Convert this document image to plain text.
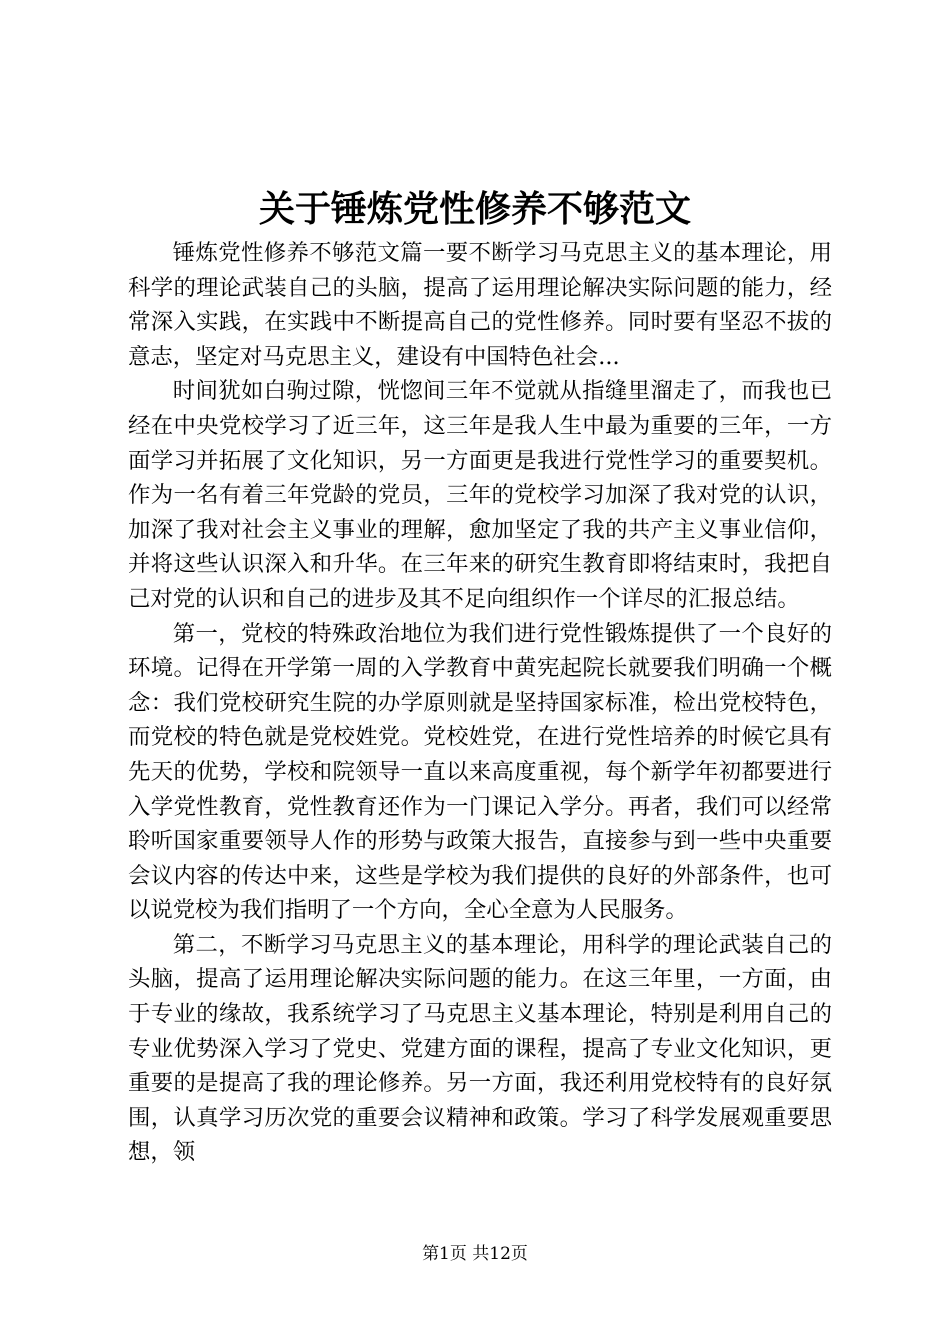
关于锤炼党性修养不够范文

锤炼党性修养不够范文篇一要不断学习马克思主义的基本理论，用科学的理论武装自己的头脑，提高了运用理论解决实际问题的能力，经常深入实践，在实践中不断提高自己的党性修养。同时要有坚忍不拔的意志，坚定对马克思主义，建设有中国特色社会...

时间犹如白驹过隙，恍惚间三年不觉就从指缝里溜走了，而我也已经在中央党校学习了近三年，这三年是我人生中最为重要的三年，一方面学习并拓展了文化知识，另一方面更是我进行党性学习的重要契机。作为一名有着三年党龄的党员，三年的党校学习加深了我对党的认识，加深了我对社会主义事业的理解，愈加坚定了我的共产主义事业信仰，并将这些认识深入和升华。在三年来的研究生教育即将结束时，我把自己对党的认识和自己的进步及其不足向组织作一个详尽的汇报总结。

第一，党校的特殊政治地位为我们进行党性锻炼提供了一个良好的环境。记得在开学第一周的入学教育中黄宪起院长就要我们明确一个概念：我们党校研究生院的办学原则就是坚持国家标准，检出党校特色，而党校的特色就是党校姓党。党校姓党，在进行党性培养的时候它具有先天的优势，学校和院领导一直以来高度重视，每个新学年初都要进行入学党性教育，党性教育还作为一门课记入学分。再者，我们可以经常聆听国家重要领导人作的形势与政策大报告，直接参与到一些中央重要会议内容的传达中来，这些是学校为我们提供的良好的外部条件，也可以说党校为我们指明了一个方向，全心全意为人民服务。

第二，不断学习马克思主义的基本理论，用科学的理论武装自己的头脑，提高了运用理论解决实际问题的能力。在这三年里，一方面，由于专业的缘故，我系统学习了马克思主义基本理论，特别是利用自己的专业优势深入学习了党史、党建方面的课程，提高了专业文化知识，更重要的是提高了我的理论修养。另一方面，我还利用党校特有的良好氛围，认真学习历次党的重要会议精神和政策。学习了科学发展观重要思想，领

第1页 共12页
